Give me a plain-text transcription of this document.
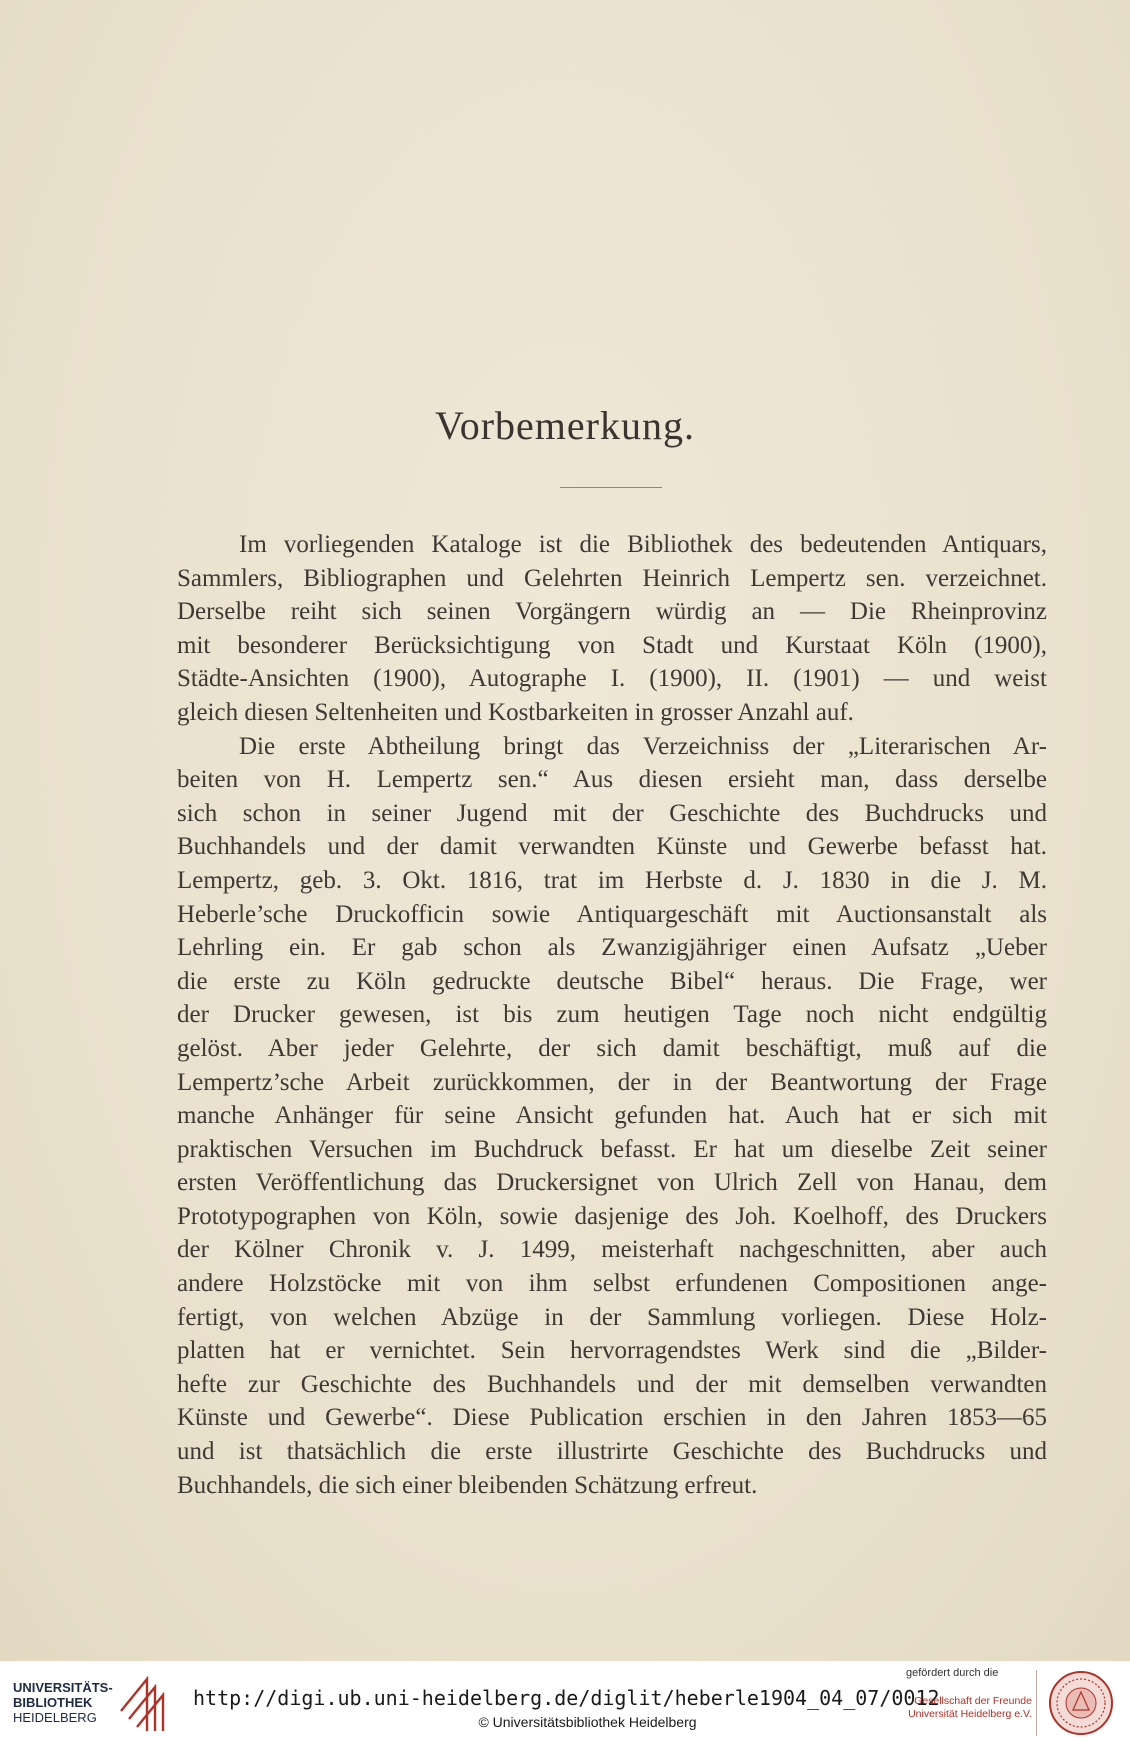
Vorbemerkung.
Im vorliegenden Kataloge ist die Bibliothek des bedeutenden Antiquars,
Sammlers, Bibliographen und Gelehrten Heinrich Lempertz sen. verzeichnet.
Derselbe reiht sich seinen Vorgängern würdig an — Die Rheinprovinz
mit besonderer Berücksichtigung von Stadt und Kurstaat Köln (1900),
Städte-Ansichten (1900), Autographe I. (1900), II. (1901) — und weist
gleich diesen Seltenheiten und Kostbarkeiten in grosser Anzahl auf.
Die erste Abtheilung bringt das Verzeichniss der „Literarischen Ar-
beiten von H. Lempertz sen.“ Aus diesen ersieht man, dass derselbe
sich schon in seiner Jugend mit der Geschichte des Buchdrucks und
Buchhandels und der damit verwandten Künste und Gewerbe befasst hat.
Lempertz, geb. 3. Okt. 1816, trat im Herbste d. J. 1830 in die J. M.
Heberle’sche Druckofficin sowie Antiquargeschäft mit Auctionsanstalt als
Lehrling ein. Er gab schon als Zwanzigjähriger einen Aufsatz „Ueber
die erste zu Köln gedruckte deutsche Bibel“ heraus. Die Frage, wer
der Drucker gewesen, ist bis zum heutigen Tage noch nicht endgültig
gelöst. Aber jeder Gelehrte, der sich damit beschäftigt, muß auf die
Lempertz’sche Arbeit zurückkommen, der in der Beantwortung der Frage
manche Anhänger für seine Ansicht gefunden hat. Auch hat er sich mit
praktischen Versuchen im Buchdruck befasst. Er hat um dieselbe Zeit seiner
ersten Veröffentlichung das Druckersignet von Ulrich Zell von Hanau, dem
Prototypographen von Köln, sowie dasjenige des Joh. Koelhoff, des Druckers
der Kölner Chronik v. J. 1499, meisterhaft nachgeschnitten, aber auch
andere Holzstöcke mit von ihm selbst erfundenen Compositionen ange-
fertigt, von welchen Abzüge in der Sammlung vorliegen. Diese Holz-
platten hat er vernichtet. Sein hervorragendstes Werk sind die „Bilder-
hefte zur Geschichte des Buchhandels und der mit demselben verwandten
Künste und Gewerbe“. Diese Publication erschien in den Jahren 1853—65
und ist thatsächlich die erste illustrirte Geschichte des Buchdrucks und
Buchhandels, die sich einer bleibenden Schätzung erfreut.
UNIVERSITÄTS-
BIBLIOTHEK
HEIDELBERG
http://digi.ub.uni-heidelberg.de/diglit/heberle1904_04_07/0012
© Universitätsbibliothek Heidelberg
gefördert durch die
Gesellschaft der Freunde
Universität Heidelberg e.V.
